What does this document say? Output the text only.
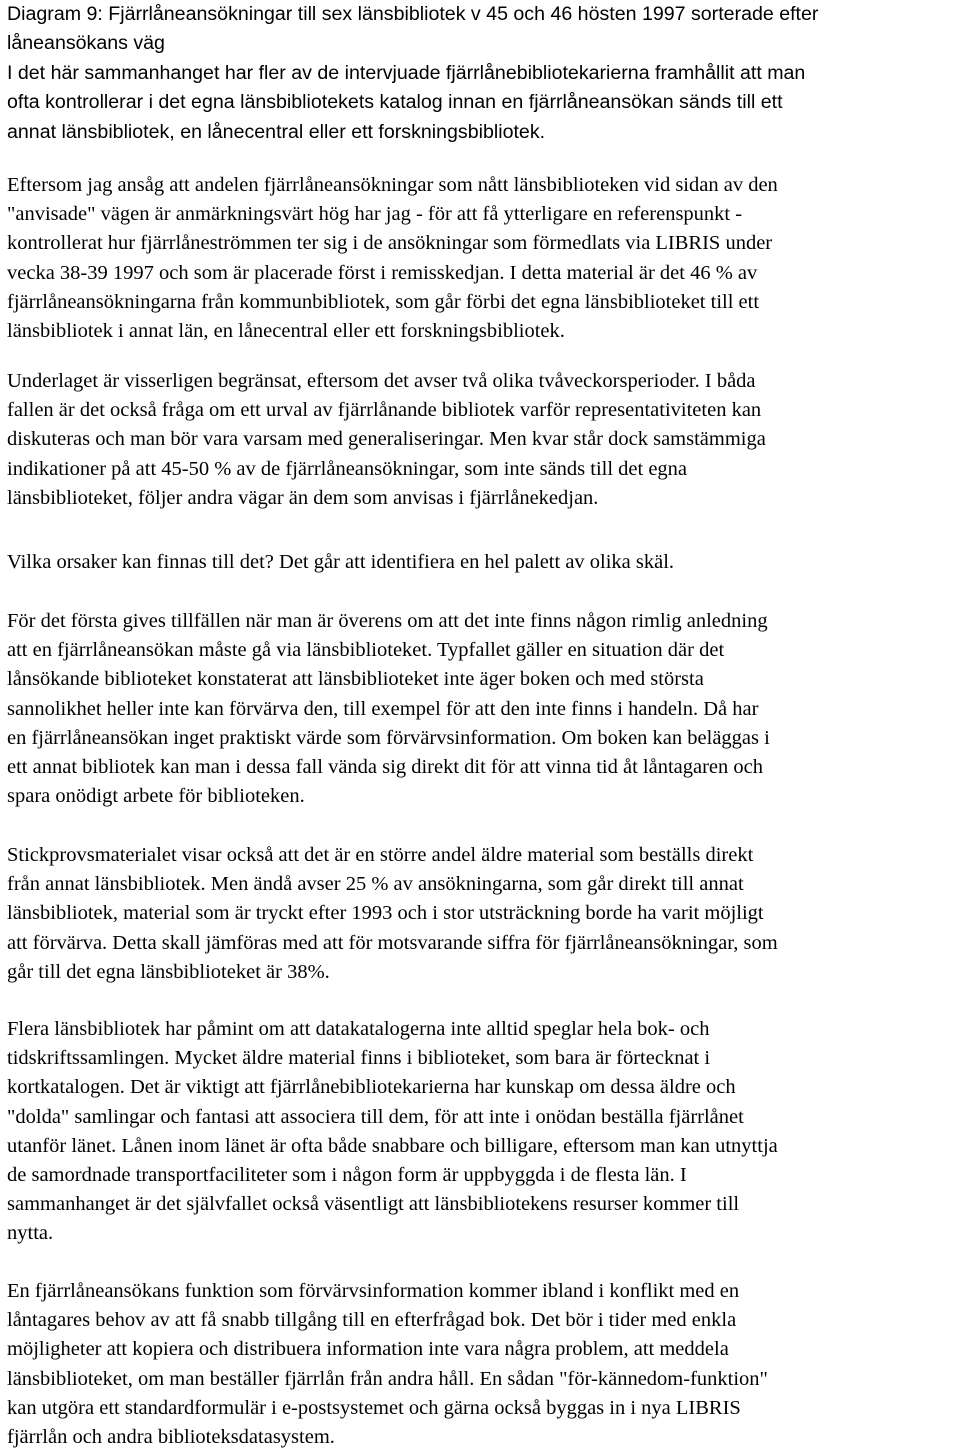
Diagram 9: Fjärrlåneansökningar till sex länsbibliotek v 45 och 46 hösten 1997 sorterade efter
låneansökans väg
I det här sammanhanget har fler av de intervjuade fjärrlånebibliotekarierna framhållit att man
ofta kontrollerar i det egna länsbibliotekets katalog innan en fjärrlåneansökan sänds till ett
annat länsbibliotek, en lånecentral eller ett forskningsbibliotek.
Eftersom jag ansåg att andelen fjärrlåneansökningar som nått länsbiblioteken vid sidan av den
"anvisade" vägen är anmärkningsvärt hög har jag - för att få ytterligare en referenspunkt -
kontrollerat hur fjärrlåneströmmen ter sig i de ansökningar som förmedlats via LIBRIS under
vecka 38-39 1997 och som är placerade först i remisskedjan. I detta material är det 46 % av
fjärrlåneansökningarna från kommunbibliotek, som går förbi det egna länsbiblioteket till ett
länsbibliotek i annat län, en lånecentral eller ett forskningsbibliotek.
Underlaget är visserligen begränsat, eftersom det avser två olika tvåveckorsperioder. I båda
fallen är det också fråga om ett urval av fjärrlånande bibliotek varför representativiteten kan
diskuteras och man bör vara varsam med generaliseringar. Men kvar står dock samstämmiga
indikationer på att 45-50 % av de fjärrlåneansökningar, som inte sänds till det egna
länsbiblioteket, följer andra vägar än dem som anvisas i fjärrlånekedjan.
Vilka orsaker kan finnas till det? Det går att identifiera en hel palett av olika skäl.
För det första gives tillfällen när man är överens om att det inte finns någon rimlig anledning
att en fjärrlåneansökan måste gå via länsbiblioteket. Typfallet gäller en situation där det
lånsökande biblioteket konstaterat att länsbiblioteket inte äger boken och med största
sannolikhet heller inte kan förvärva den, till exempel för att den inte finns i handeln. Då har
en fjärrlåneansökan inget praktiskt värde som förvärvsinformation. Om boken kan beläggas i
ett annat bibliotek kan man i dessa fall vända sig direkt dit för att vinna tid åt låntagaren och
spara onödigt arbete för biblioteken.
Stickprovsmaterialet visar också att det är en större andel äldre material som beställs direkt
från annat länsbibliotek. Men ändå avser 25 % av ansökningarna, som går direkt till annat
länsbibliotek, material som är tryckt efter 1993 och i stor utsträckning borde ha varit möjligt
att förvärva. Detta skall jämföras med att för motsvarande siffra för fjärrlåneansökningar, som
går till det egna länsbiblioteket är 38%.
Flera länsbibliotek har påmint om att datakatalogerna inte alltid speglar hela bok- och
tidskriftssamlingen. Mycket äldre material finns i biblioteket, som bara är förtecknat i
kortkatalogen. Det är viktigt att fjärrlånebibliotekarierna har kunskap om dessa äldre och
"dolda" samlingar och fantasi att associera till dem, för att inte i onödan beställa fjärrlånet
utanför länet. Lånen inom länet är ofta både snabbare och billigare, eftersom man kan utnyttja
de samordnade transportfaciliteter som i någon form är uppbyggda i de flesta län. I
sammanhanget är det självfallet också väsentligt att länsbibliotekens resurser kommer till
nytta.
En fjärrlåneansökans funktion som förvärvsinformation kommer ibland i konflikt med en
låntagares behov av att få snabb tillgång till en efterfrågad bok. Det bör i tider med enkla
möjligheter att kopiera och distribuera information inte vara några problem, att meddela
länsbiblioteket, om man beställer fjärrlån från andra håll. En sådan "för-kännedom-funktion"
kan utgöra ett standardformulär i e-postsystemet och gärna också byggas in i nya LIBRIS
fjärrlån och andra biblioteksdatasystem.
